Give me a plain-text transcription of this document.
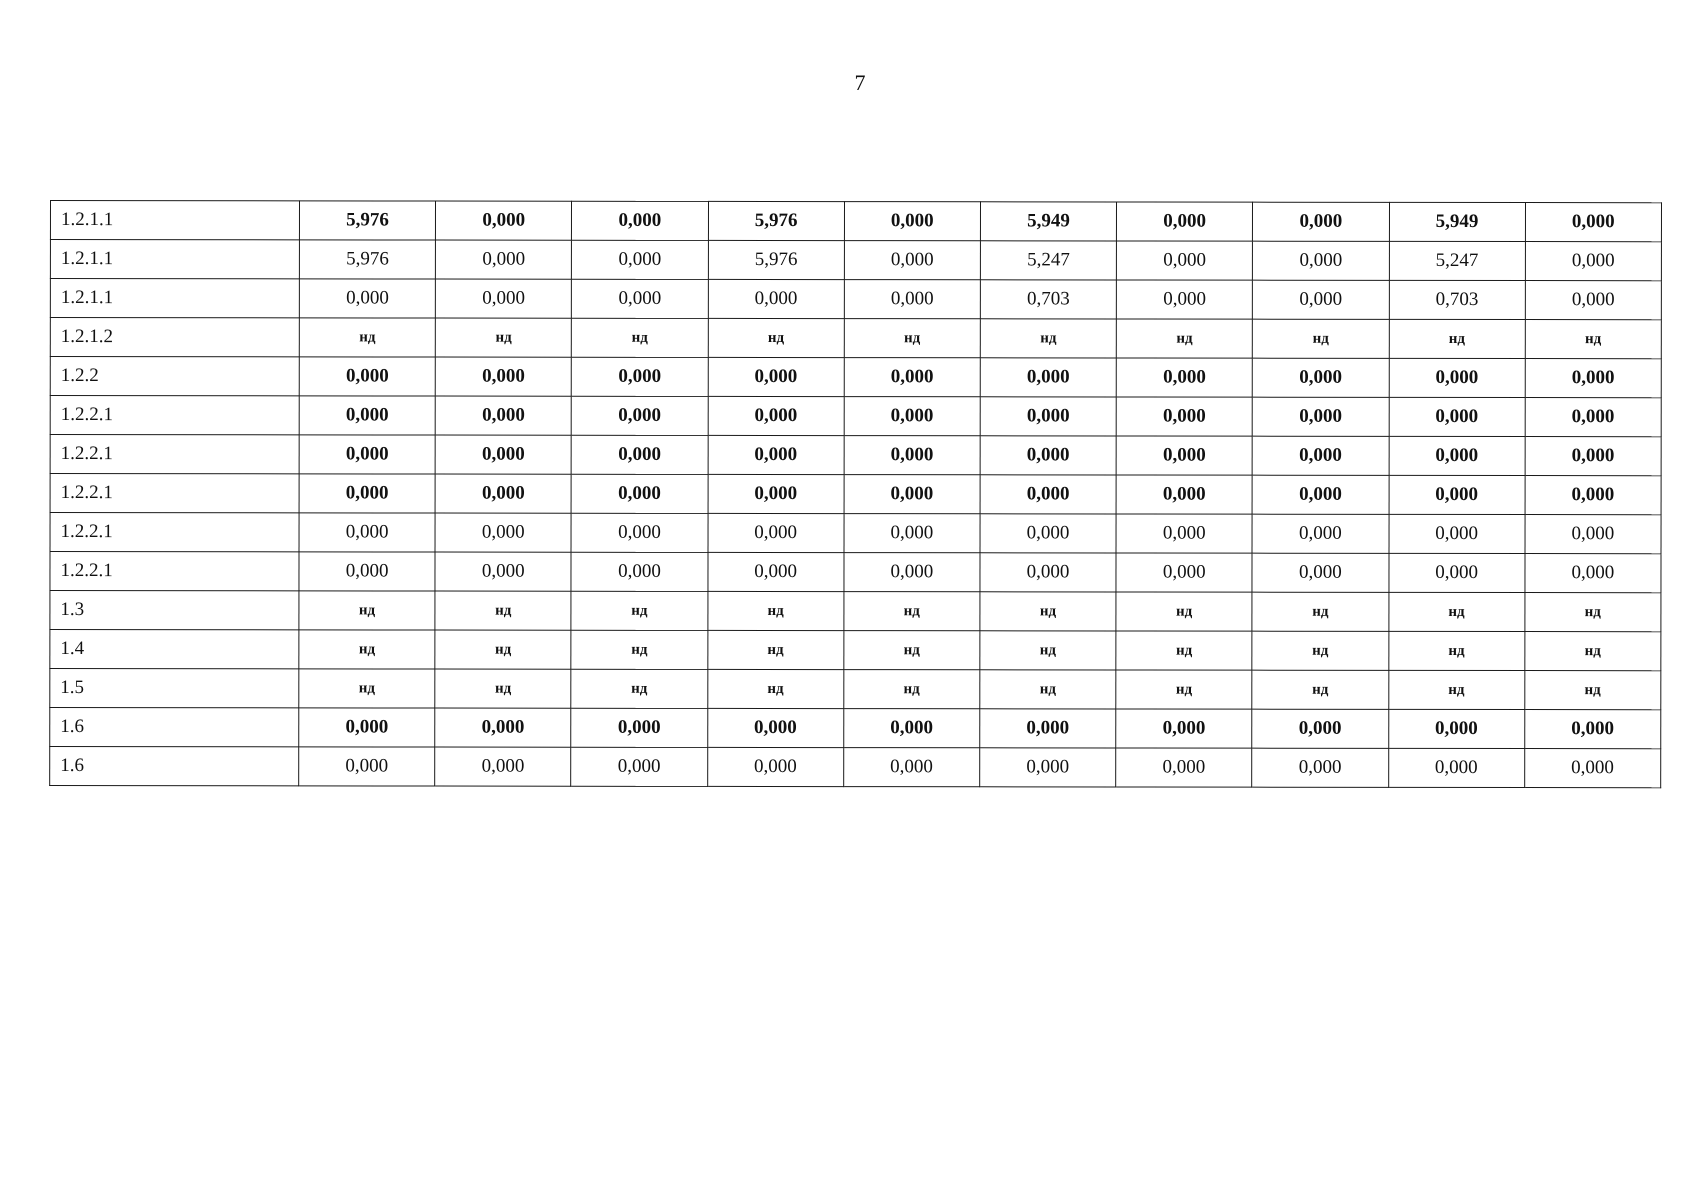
7
1.2.1.1	5,976	0,000	0,000	5,976	0,000	5,949	0,000	0,000	5,949	0,000
1.2.1.1	5,976	0,000	0,000	5,976	0,000	5,247	0,000	0,000	5,247	0,000
1.2.1.1	0,000	0,000	0,000	0,000	0,000	0,703	0,000	0,000	0,703	0,000
1.2.1.2	нд	нд	нд	нд	нд	нд	нд	нд	нд	нд
1.2.2	0,000	0,000	0,000	0,000	0,000	0,000	0,000	0,000	0,000	0,000
1.2.2.1	0,000	0,000	0,000	0,000	0,000	0,000	0,000	0,000	0,000	0,000
1.2.2.1	0,000	0,000	0,000	0,000	0,000	0,000	0,000	0,000	0,000	0,000
1.2.2.1	0,000	0,000	0,000	0,000	0,000	0,000	0,000	0,000	0,000	0,000
1.2.2.1	0,000	0,000	0,000	0,000	0,000	0,000	0,000	0,000	0,000	0,000
1.2.2.1	0,000	0,000	0,000	0,000	0,000	0,000	0,000	0,000	0,000	0,000
1.3	нд	нд	нд	нд	нд	нд	нд	нд	нд	нд
1.4	нд	нд	нд	нд	нд	нд	нд	нд	нд	нд
1.5	нд	нд	нд	нд	нд	нд	нд	нд	нд	нд
1.6	0,000	0,000	0,000	0,000	0,000	0,000	0,000	0,000	0,000	0,000
1.6	0,000	0,000	0,000	0,000	0,000	0,000	0,000	0,000	0,000	0,000
